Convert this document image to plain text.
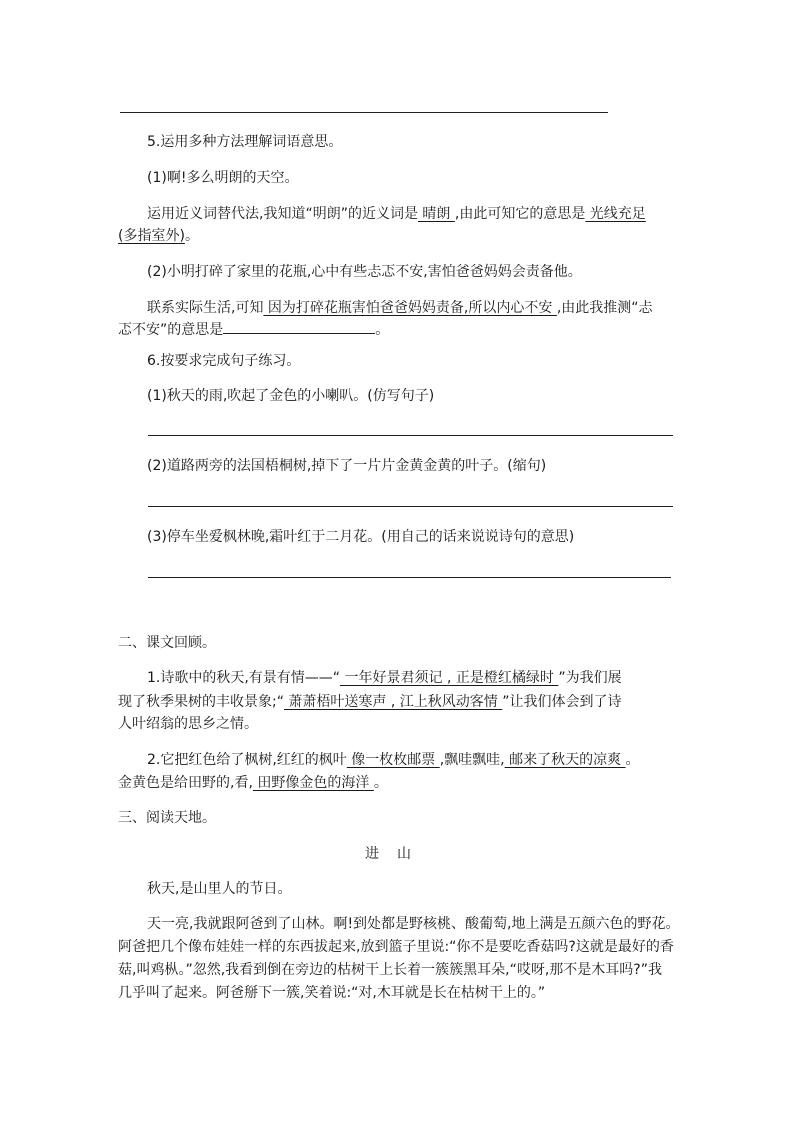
5.运用多种方法理解词语意思。
(1)啊!多么明朗的天空。
运用近义词替代法,我知道“明朗”的近义词是 晴朗 ,由此可知它的意思是 光线充足
(多指室外)。
(2)小明打碎了家里的花瓶,心中有些忐忑不安,害怕爸爸妈妈会责备他。
联系实际生活,可知 因为打碎花瓶害怕爸爸妈妈责备,所以内心不安 ,由此我推测“忐
忑不安”的意思是	。
6.按要求完成句子练习。
(1)秋天的雨,吹起了金色的小喇叭。(仿写句子)
(2)道路两旁的法国梧桐树,掉下了一片片金黄金黄的叶子。(缩句)
(3)停车坐爱枫林晚,霜叶红于二月花。(用自己的话来说说诗句的意思)
二、课文回顾。
1.诗歌中的秋天,有景有情——“ 一年好景君须记 , 正是橙红橘绿时 ”为我们展
现了秋季果树的丰收景象;“ 萧萧梧叶送寒声 , 江上秋风动客情 ”让我们体会到了诗
人叶绍翁的思乡之情。
2.它把红色给了枫树,红红的枫叶 像一枚枚邮票 ,飘哇飘哇, 邮来了秋天的凉爽 。
金黄色是给田野的,看, 田野像金色的海洋 。
三、阅读天地。
进山
秋天,是山里人的节日。
天一亮,我就跟阿爸到了山林。啊!到处都是野核桃、酸葡萄,地上满是五颜六色的野花。
阿爸把几个像布娃娃一样的东西拔起来,放到篮子里说:“你不是要吃香菇吗?这就是最好的香
菇,叫鸡枞。”忽然,我看到倒在旁边的枯树干上长着一簇簇黑耳朵,“哎呀,那不是木耳吗?”我
几乎叫了起来。阿爸掰下一簇,笑着说:“对,木耳就是长在枯树干上的。”
